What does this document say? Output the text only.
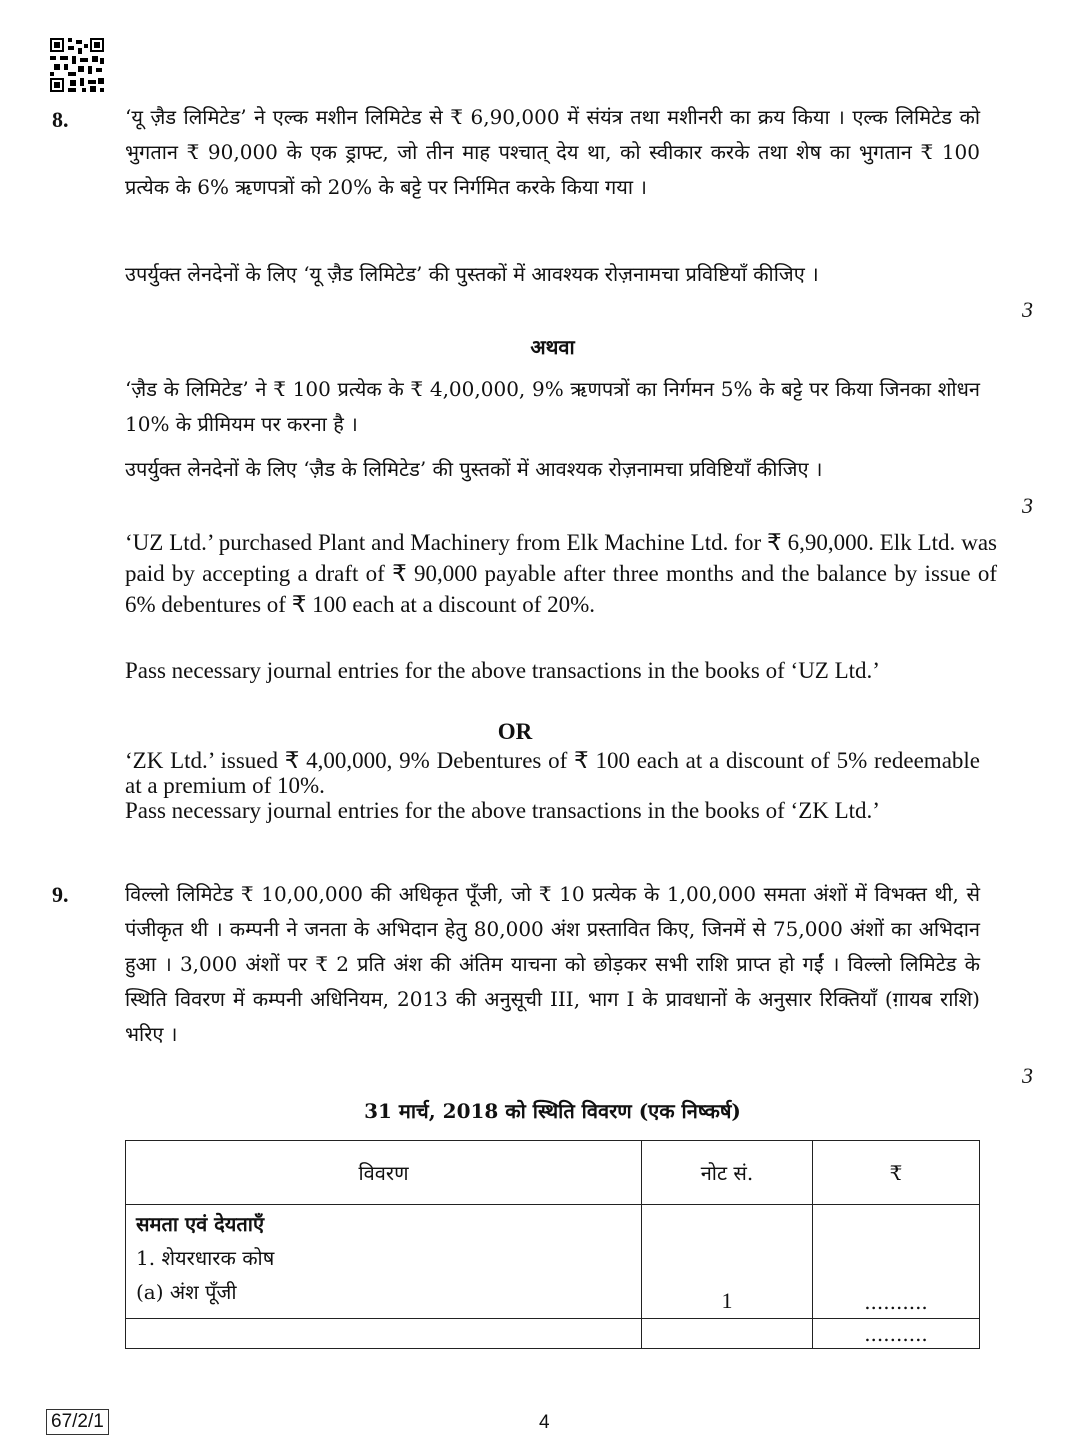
8.	‘यू ज़ैड लिमिटेड’ ने एल्क मशीन लिमिटेड से ₹ 6,90,000 में संयंत्र तथा मशीनरी का क्रय किया । एल्क लिमिटेड को भुगतान ₹ 90,000 के एक ड्राफ्ट, जो तीन माह पश्चात् देय था, को स्वीकार करके तथा शेष का भुगतान ₹ 100 प्रत्येक के 6% ऋणपत्रों को 20% के बट्टे पर निर्गमित करके किया गया ।
उपर्युक्त लेनदेनों के लिए ‘यू ज़ैड लिमिटेड’ की पुस्तकों में आवश्यक रोज़नामचा प्रविष्टियाँ कीजिए ।
3
अथवा
‘ज़ैड के लिमिटेड’ ने ₹ 100 प्रत्येक के ₹ 4,00,000, 9% ऋणपत्रों का निर्गमन 5% के बट्टे पर किया जिनका शोधन 10% के प्रीमियम पर करना है ।
उपर्युक्त लेनदेनों के लिए ‘ज़ैड के लिमिटेड’ की पुस्तकों में आवश्यक रोज़नामचा प्रविष्टियाँ कीजिए ।
3
‘UZ Ltd.’ purchased Plant and Machinery from Elk Machine Ltd. for ₹ 6,90,000. Elk Ltd. was paid by accepting a draft of ₹ 90,000 payable after three months and the balance by issue of 6% debentures of ₹ 100 each at a discount of 20%.
Pass necessary journal entries for the above transactions in the books of ‘UZ Ltd.’
OR
‘ZK Ltd.’ issued ₹ 4,00,000, 9% Debentures of ₹ 100 each at a discount of 5% redeemable at a premium of 10%.
Pass necessary journal entries for the above transactions in the books of ‘ZK Ltd.’
9.	विल्लो लिमिटेड ₹ 10,00,000 की अधिकृत पूँजी, जो ₹ 10 प्रत्येक के 1,00,000 समता अंशों में विभक्त थी, से पंजीकृत थी । कम्पनी ने जनता के अभिदान हेतु 80,000 अंश प्रस्तावित किए, जिनमें से 75,000 अंशों का अभिदान हुआ । 3,000 अंशों पर ₹ 2 प्रति अंश की अंतिम याचना को छोड़कर सभी राशि प्राप्त हो गईं । विल्लो लिमिटेड के स्थिति विवरण में कम्पनी अधिनियम, 2013 की अनुसूची III, भाग I के प्रावधानों के अनुसार रिक्तियाँ (ग़ायब राशि) भरिए ।
3
31 मार्च, 2018 को स्थिति विवरण (एक निष्कर्ष)
विवरण	नोट सं.	₹

समता एवं देयताएँ
1. शेयरधारक कोष
(a) अंश पूँजी	1	..........
		..........
67/2/1	4
